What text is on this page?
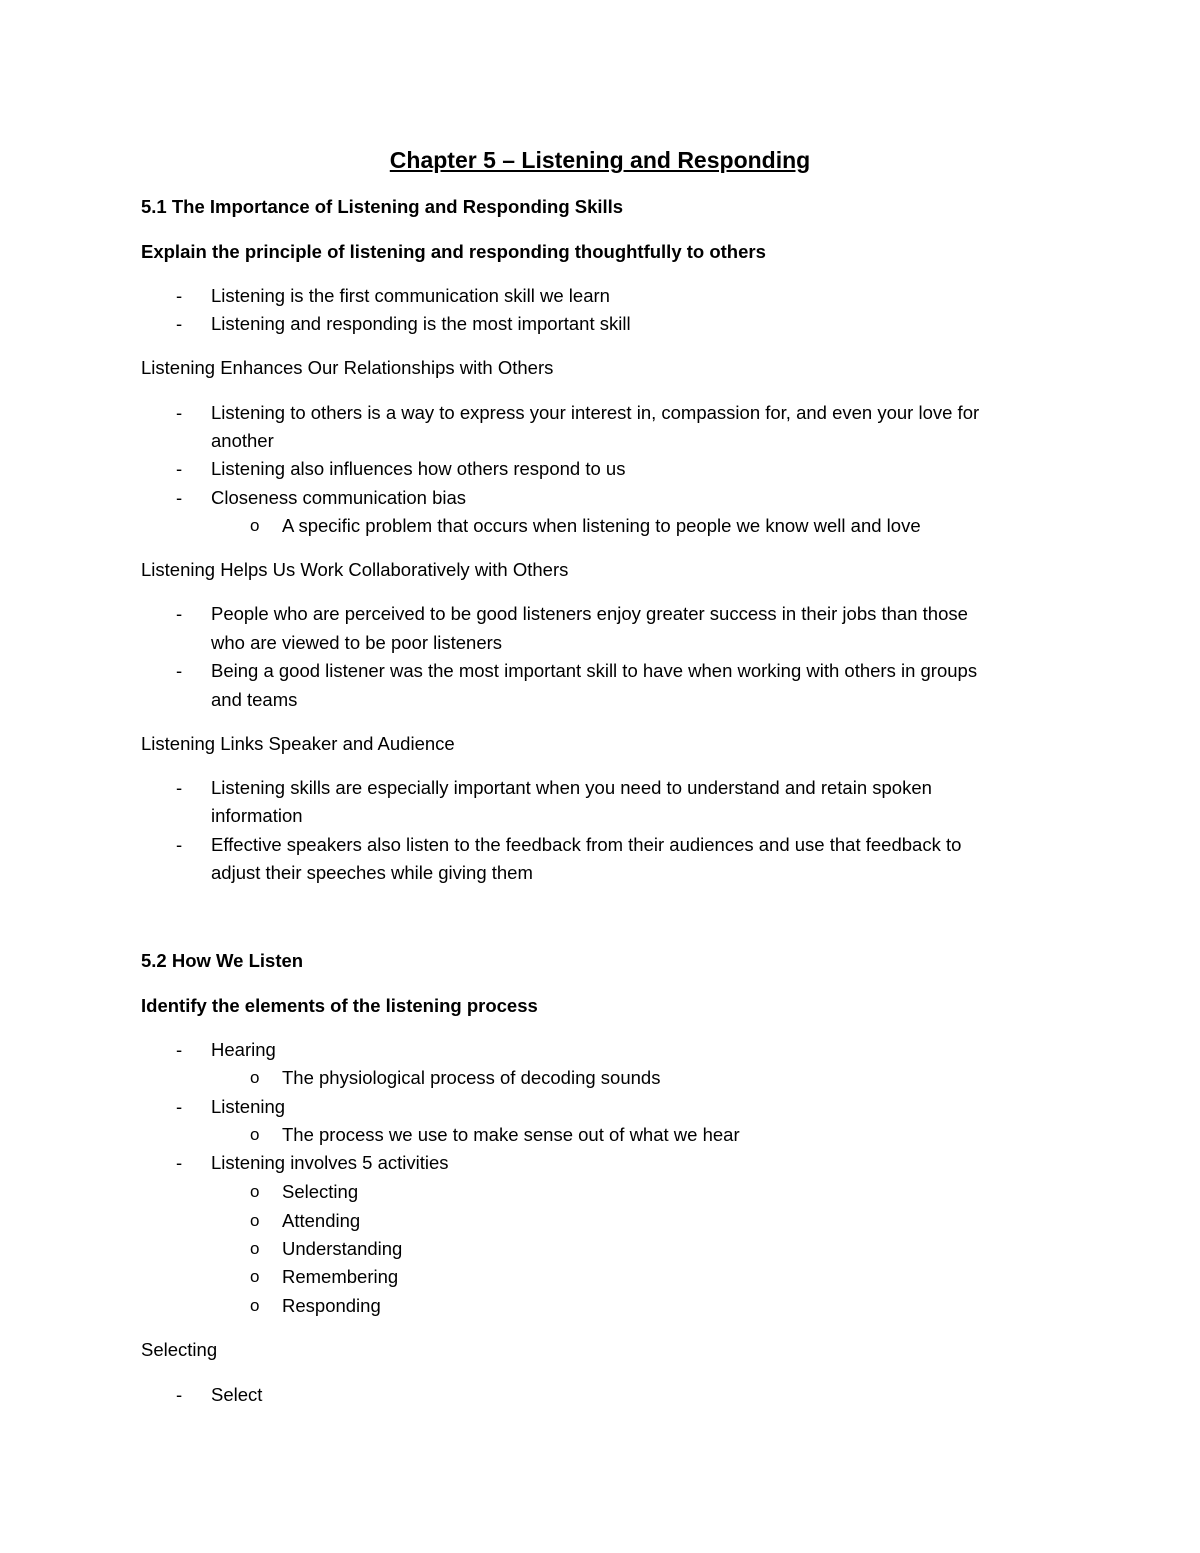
Chapter 5 – Listening and Responding
5.1 The Importance of Listening and Responding Skills
Explain the principle of listening and responding thoughtfully to others
- Listening is the first communication skill we learn
- Listening and responding is the most important skill
Listening Enhances Our Relationships with Others
- Listening to others is a way to express your interest in, compassion for, and even your love for
another
- Listening also influences how others respond to us
- Closeness communication bias
o A specific problem that occurs when listening to people we know well and love
Listening Helps Us Work Collaboratively with Others
- People who are perceived to be good listeners enjoy greater success in their jobs than those
who are viewed to be poor listeners
- Being a good listener was the most important skill to have when working with others in groups
and teams
Listening Links Speaker and Audience
- Listening skills are especially important when you need to understand and retain spoken
information
- Effective speakers also listen to the feedback from their audiences and use that feedback to
adjust their speeches while giving them
5.2 How We Listen
Identify the elements of the listening process
- Hearing
o The physiological process of decoding sounds
- Listening
o The process we use to make sense out of what we hear
- Listening involves 5 activities
o Selecting
o Attending
o Understanding
o Remembering
o Responding
Selecting
- Select
